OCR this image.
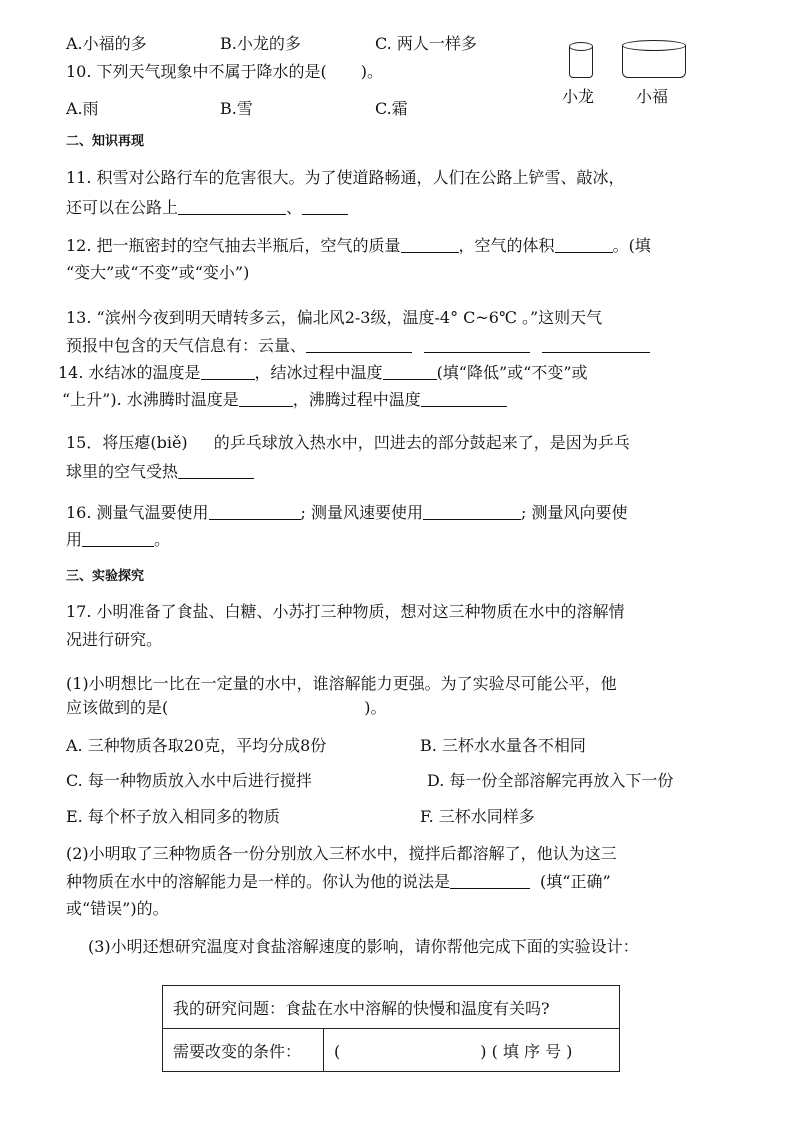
A.小福的多	B.小龙的多	C. 两人一样多
小龙	小福
10. 下列天气现象中不属于降水的是( )。
A.雨	B.雪	C.霜
二、知识再现
11. 积雪对公路行车的危害很大。为了使道路畅通，人们在公路上铲雪、敲冰，
还可以在公路上	、
12. 把一瓶密封的空气抽去半瓶后，空气的质量	，空气的体积	。(填
“变大”或“不变”或“变小”)
13. “滨州今夜到明天晴转多云，偏北风2-3级，温度-4° C~6℃ 。”这则天气
预报中包含的天气信息有：云量、
14. 水结冰的温度是	，结冰过程中温度	(填“降低”或“不变”或
“上升”). 水沸腾时温度是	，沸腾过程中温度
15．将压瘪(biě) 的乒乓球放入热水中，凹进去的部分鼓起来了，是因为乒乓
球里的空气受热
16. 测量气温要使用	; 测量风速要使用	; 测量风向要使
用	。
三、实验探究
17. 小明准备了食盐、白糖、小苏打三种物质，想对这三种物质在水中的溶解情
况进行研究。
(1)小明想比一比在一定量的水中，谁溶解能力更强。为了实验尽可能公平，他
应该做到的是(	)。
A. 三种物质各取20克，平均分成8份	B. 三杯水水量各不相同
C. 每一种物质放入水中后进行搅拌	D. 每一份全部溶解完再放入下一份
E. 每个杯子放入相同多的物质	F. 三杯水同样多
(2)小明取了三种物质各一份分别放入三杯水中，搅拌后都溶解了，他认为这三
种物质在水中的溶解能力是一样的。你认为他的说法是	(填“正确”
或“错误”)的。
(3)小明还想研究温度对食盐溶解速度的影响，请你帮他完成下面的实验设计：
我的研究问题：食盐在水中溶解的快慢和温度有关吗?
需要改变的条件：	(	) ( 填 序 号 )
